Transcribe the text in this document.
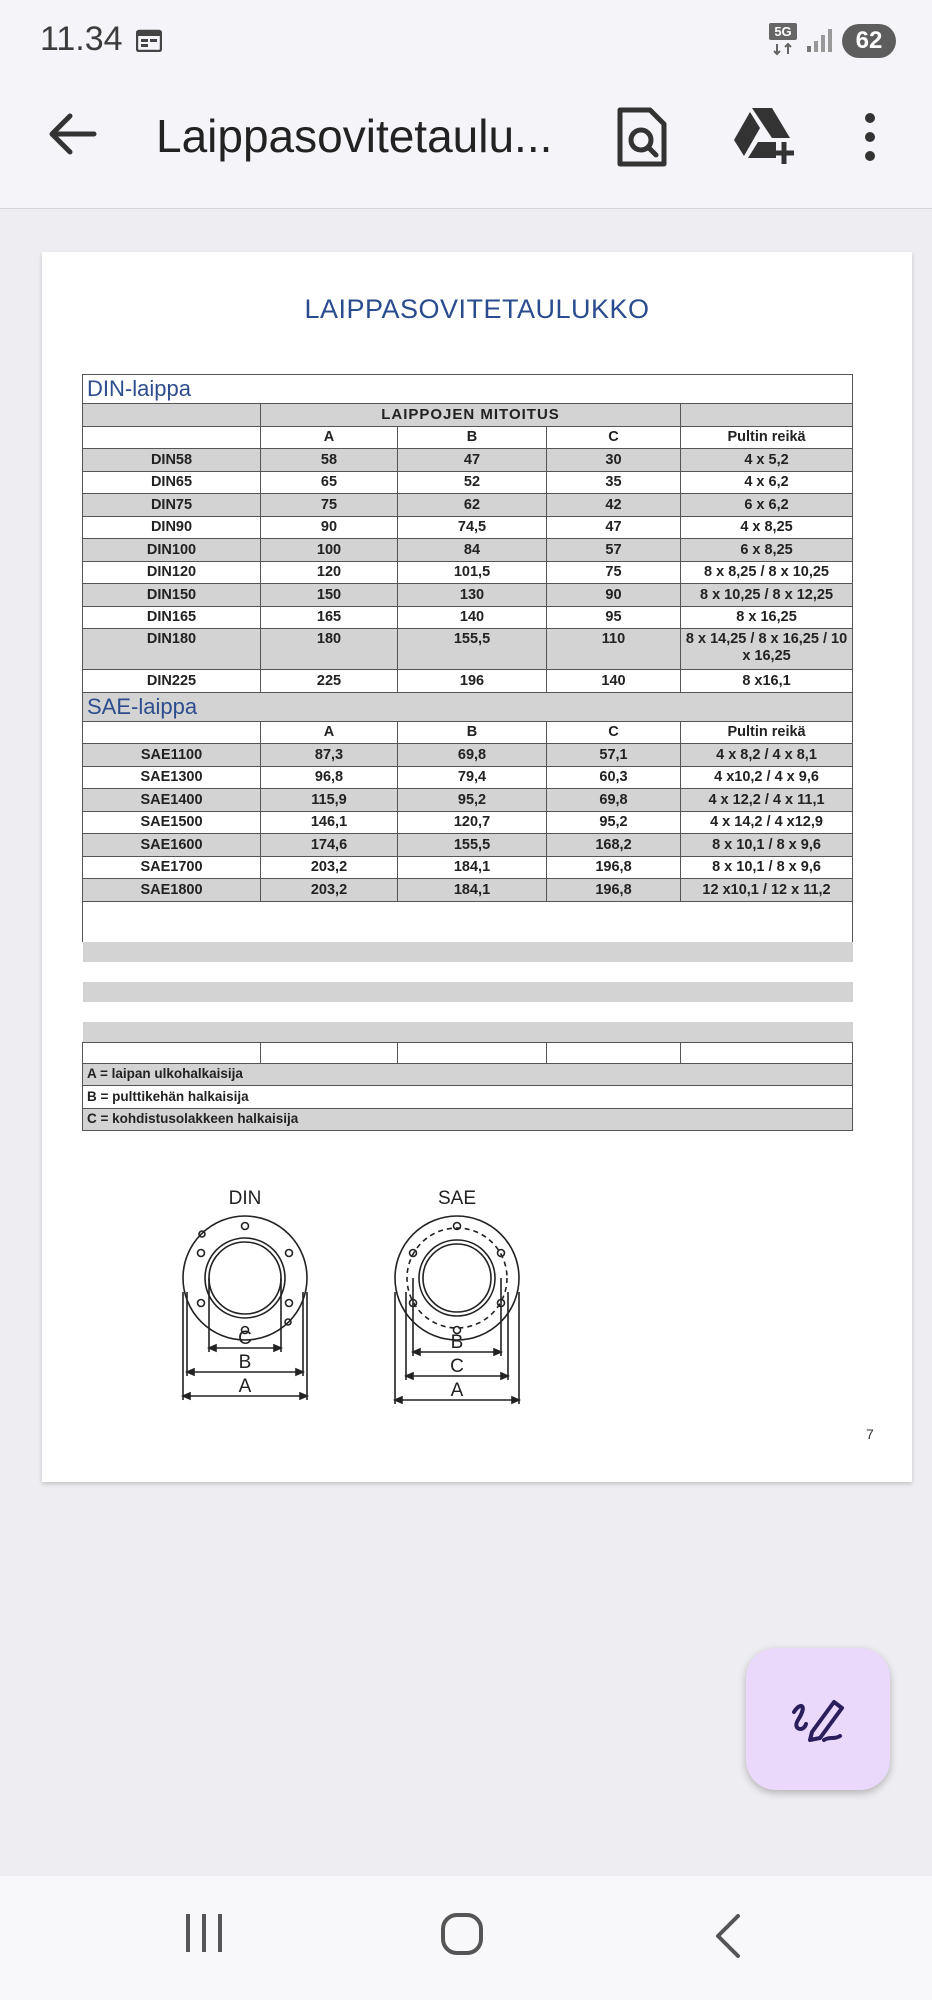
11.34	5G	62
Laippasovitetaulu...
LAIPPASOVITETAULUKKO
DIN-laippa				
	LAIPPOJEN MITOITUS			
	A	B	C	Pultin reikä
DIN58	58	47	30	4 x 5,2
DIN65	65	52	35	4 x 6,2
DIN75	75	62	42	6 x 6,2
DIN90	90	74,5	47	4 x 8,25
DIN100	100	84	57	6 x 8,25
DIN120	120	101,5	75	8 x 8,25 / 8 x 10,25
DIN150	150	130	90	8 x 10,25 / 8 x 12,25
DIN165	165	140	95	8 x 16,25
DIN180	180	155,5	110	8 x 14,25 / 8 x 16,25 / 10 x 16,25
DIN225	225	196	140	8 x16,1
SAE-laippa				
	A	B	C	Pultin reikä
SAE1100	87,3	69,8	57,1	4 x 8,2 / 4 x 8,1
SAE1300	96,8	79,4	60,3	4 x10,2 / 4 x 9,6
SAE1400	115,9	95,2	69,8	4 x 12,2 / 4 x 11,1
SAE1500	146,1	120,7	95,2	4 x 14,2 / 4 x12,9
SAE1600	174,6	155,5	168,2	8 x 10,1 / 8 x 9,6
SAE1700	203,2	184,1	196,8	8 x 10,1 / 8 x 9,6
SAE1800	203,2	184,1	196,8	12 x10,1 / 12 x 11,2

A = laipan ulkohalkaisija				
B = pulttikehän halkaisija				
C = kohdistusolakkeen halkaisija				
DIN
C
B
A
SAE
B
C
A
7
